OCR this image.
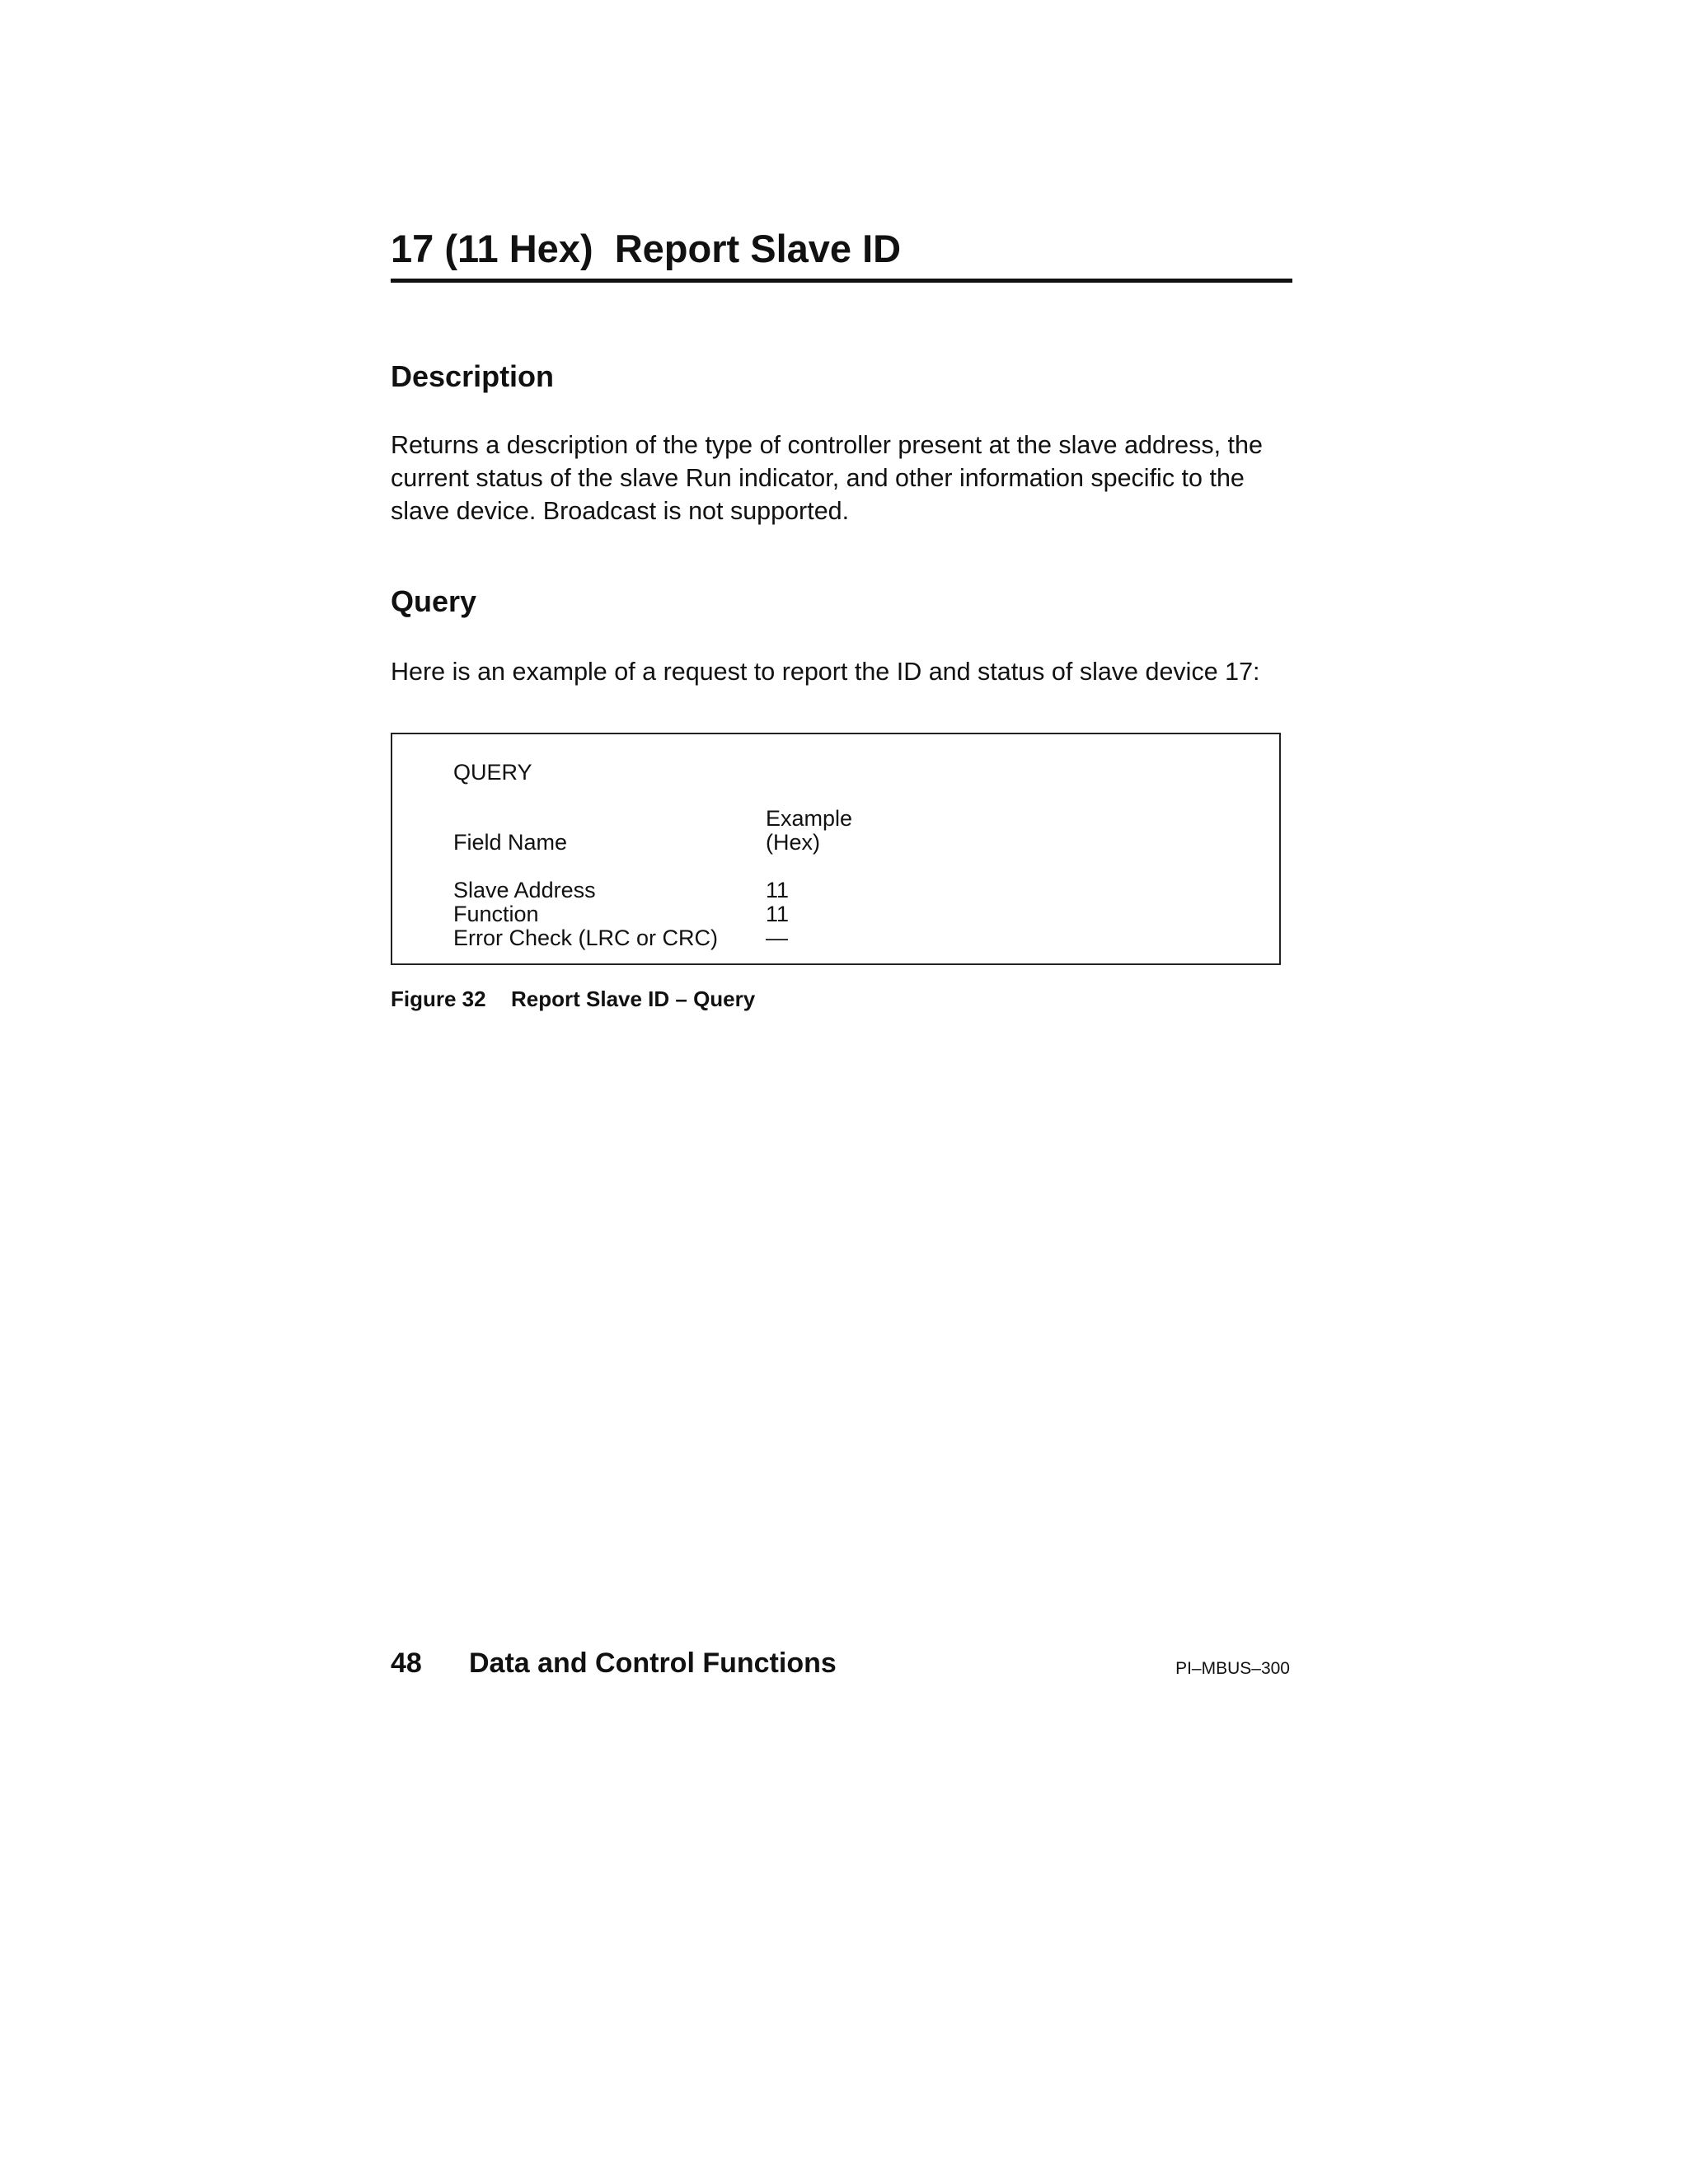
17 (11 Hex)  Report Slave ID
Description

Returns a description of the type of controller present at the slave address, the

current status of the slave Run indicator, and other information specific to the

slave device. Broadcast is not supported.

Query

Here is an example of a request to report the ID and status of slave device 17:

QUERY
Example
Field Name	(Hex)
Slave Address	11
Function	11
Error Check (LRC or CRC) —
Figure 32 Report Slave ID – Query
48 Data and Control Functions	PI–MBUS–300
